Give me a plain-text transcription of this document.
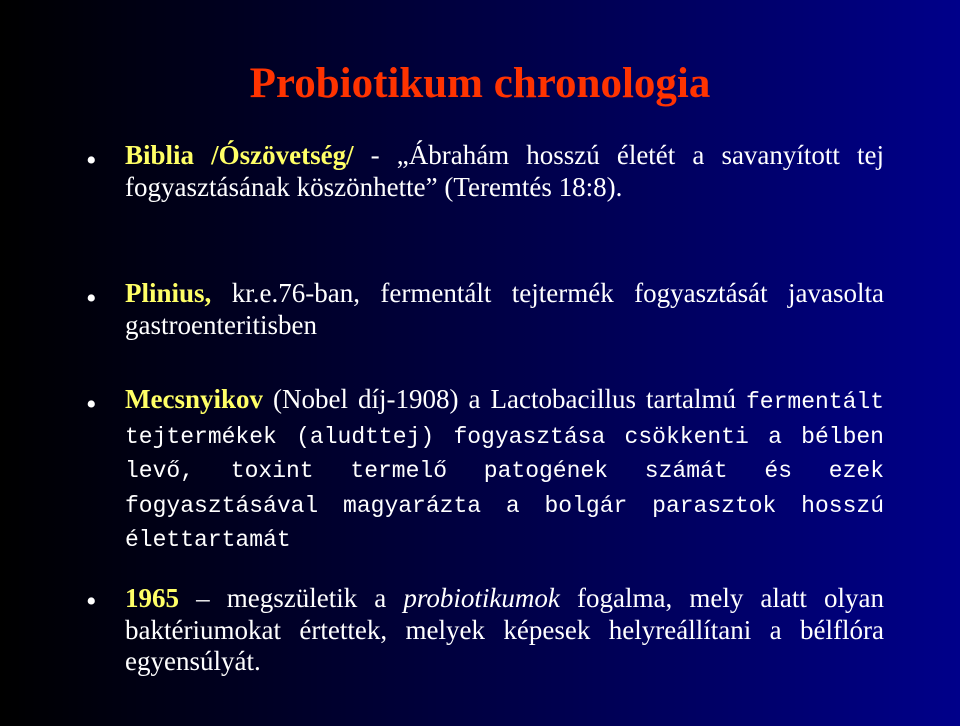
Probiotikum chronologia
•	Biblia /Ószövetség/ - „Ábrahám hosszú életét a savanyított tej fogyasztásának köszönhette” (Teremtés 18:8).

•	Plinius, kr.e.76-ban, fermentált tejtermék fogyasztását javasolta gastroenteritisben

•	Mecsnyikov (Nobel díj-1908) a Lactobacillus tartalmú fermentált tejtermékek (aludttej) fogyasztása csökkenti a bélben levő, toxint termelő patogének számát és ezek fogyasztásával magyarázta a bolgár parasztok hosszú élettartamát

•	1965 – megszületik a probiotikumok fogalma, mely alatt olyan baktériumokat értettek, melyek képesek helyreállítani a bélflóra egyensúlyát.
